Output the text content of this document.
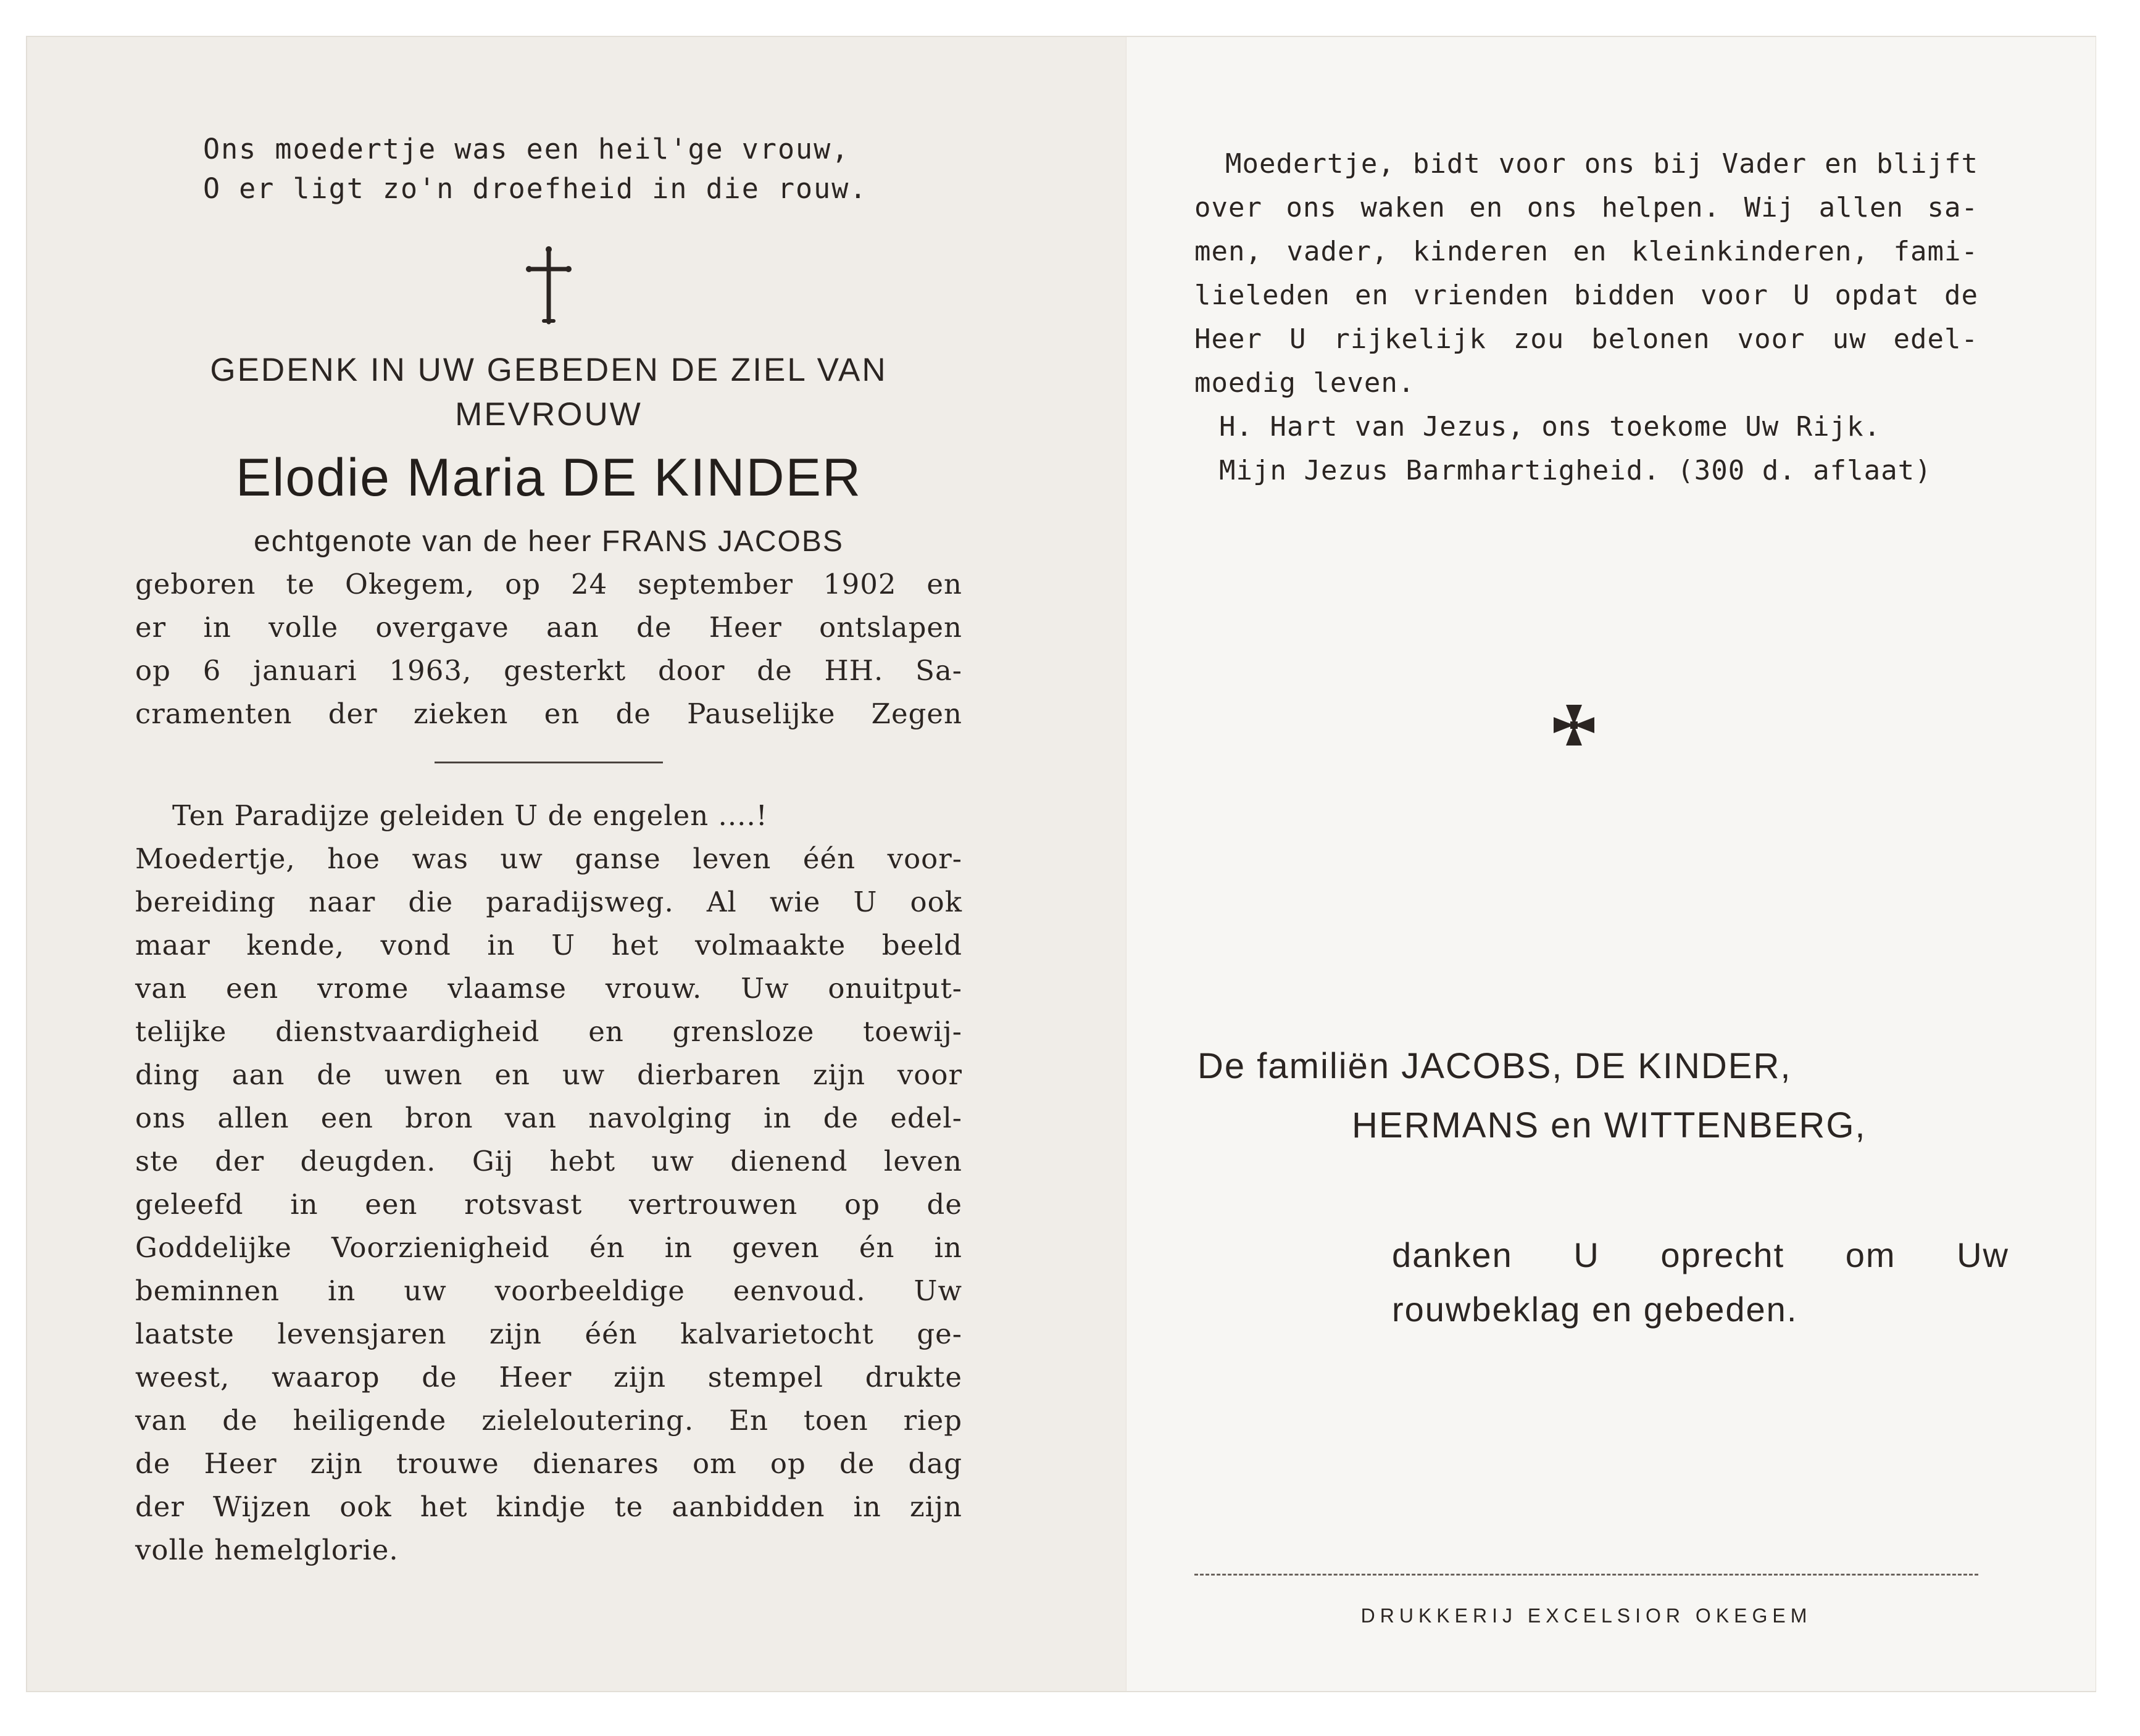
Ons moedertje was een heil'ge vrouw,
O er ligt zo'n droefheid in die rouw.
GEDENK IN UW GEBEDEN DE ZIEL VAN
MEVROUW
Elodie Maria DE KINDER
echtgenote van de heer FRANS JACOBS
geboren te Okegem, op 24 september 1902 en
er in volle overgave aan de Heer ontslapen
op 6 januari 1963, gesterkt door de HH. Sa-
cramenten der zieken en de Pauselijke Zegen
Ten Paradijze geleiden U de engelen ....!
Moedertje, hoe was uw ganse leven één voor-
bereiding naar die paradijsweg. Al wie U ook
maar kende, vond in U het volmaakte beeld
van een vrome vlaamse vrouw. Uw onuitput-
telijke dienstvaardigheid en grensloze toewij-
ding aan de uwen en uw dierbaren zijn voor
ons allen een bron van navolging in de edel-
ste der deugden. Gij hebt uw dienend leven
geleefd in een rotsvast vertrouwen op de
Goddelijke Voorzienigheid én in geven én in
beminnen in uw voorbeeldige eenvoud. Uw
laatste levensjaren zijn één kalvarietocht ge-
weest, waarop de Heer zijn stempel drukte
van de heiligende zieleloutering. En toen riep
de Heer zijn trouwe dienares om op de dag
der Wijzen ook het kindje te aanbidden in zijn
volle hemelglorie.
Moedertje, bidt voor ons bij Vader en blijft
over ons waken en ons helpen. Wij allen sa-
men, vader, kinderen en kleinkinderen, fami-
lieleden en vrienden bidden voor U opdat de
Heer U rijkelijk zou belonen voor uw edel-
moedig leven.
H. Hart van Jezus, ons toekome Uw Rijk.
Mijn Jezus Barmhartigheid. (300 d. aflaat)
De familiën JACOBS, DE KINDER,
HERMANS en WITTENBERG,
danken U oprecht om Uw
rouwbeklag en gebeden.
DRUKKERIJ EXCELSIOR OKEGEM
